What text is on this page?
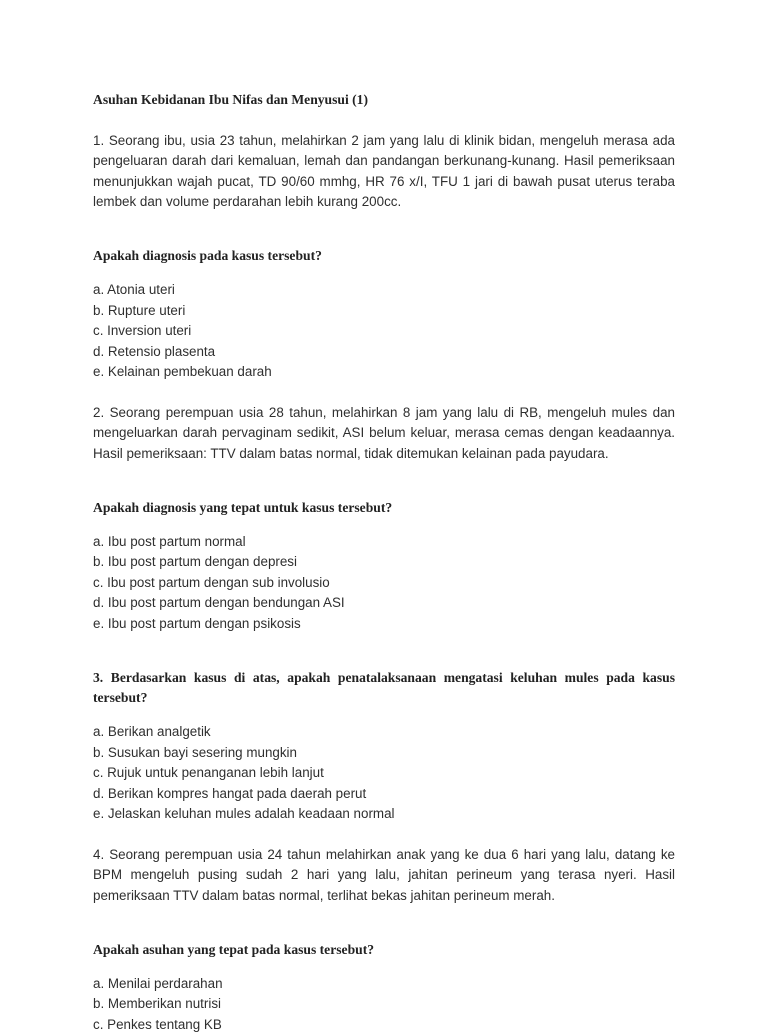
Asuhan Kebidanan Ibu Nifas dan Menyusui (1)

1. Seorang ibu, usia 23 tahun, melahirkan 2 jam yang lalu di klinik bidan, mengeluh merasa ada pengeluaran darah dari kemaluan, lemah dan pandangan berkunang-kunang. Hasil pemeriksaan menunjukkan wajah pucat, TD 90/60 mmhg, HR 76 x/I, TFU 1 jari di bawah pusat uterus teraba lembek dan volume perdarahan lebih kurang 200cc.

Apakah diagnosis pada kasus tersebut?

a. Atonia uteri

b. Rupture uteri

c. Inversion uteri

d. Retensio plasenta

e. Kelainan pembekuan darah

2. Seorang perempuan usia 28 tahun, melahirkan 8 jam yang lalu di RB, mengeluh mules dan mengeluarkan darah pervaginam sedikit, ASI belum keluar, merasa cemas dengan keadaannya. Hasil pemeriksaan: TTV dalam batas normal, tidak ditemukan kelainan pada payudara.

Apakah diagnosis yang tepat untuk kasus tersebut?

a. Ibu post partum normal

b. Ibu post partum dengan depresi

c. Ibu post partum dengan sub involusio

d. Ibu post partum dengan bendungan ASI

e. Ibu post partum dengan psikosis

3. Berdasarkan kasus di atas, apakah penatalaksanaan mengatasi keluhan mules pada kasus tersebut?

a. Berikan analgetik

b. Susukan bayi sesering mungkin

c. Rujuk untuk penanganan lebih lanjut

d. Berikan kompres hangat pada daerah perut

e. Jelaskan keluhan mules adalah keadaan normal

4. Seorang perempuan usia 24 tahun melahirkan anak yang ke dua 6 hari yang lalu, datang ke BPM mengeluh pusing sudah 2 hari yang lalu, jahitan perineum yang terasa nyeri. Hasil pemeriksaan TTV dalam batas normal, terlihat bekas jahitan perineum merah.

Apakah asuhan yang tepat pada kasus tersebut?

a. Menilai perdarahan

b. Memberikan nutrisi

c. Penkes tentang KB
